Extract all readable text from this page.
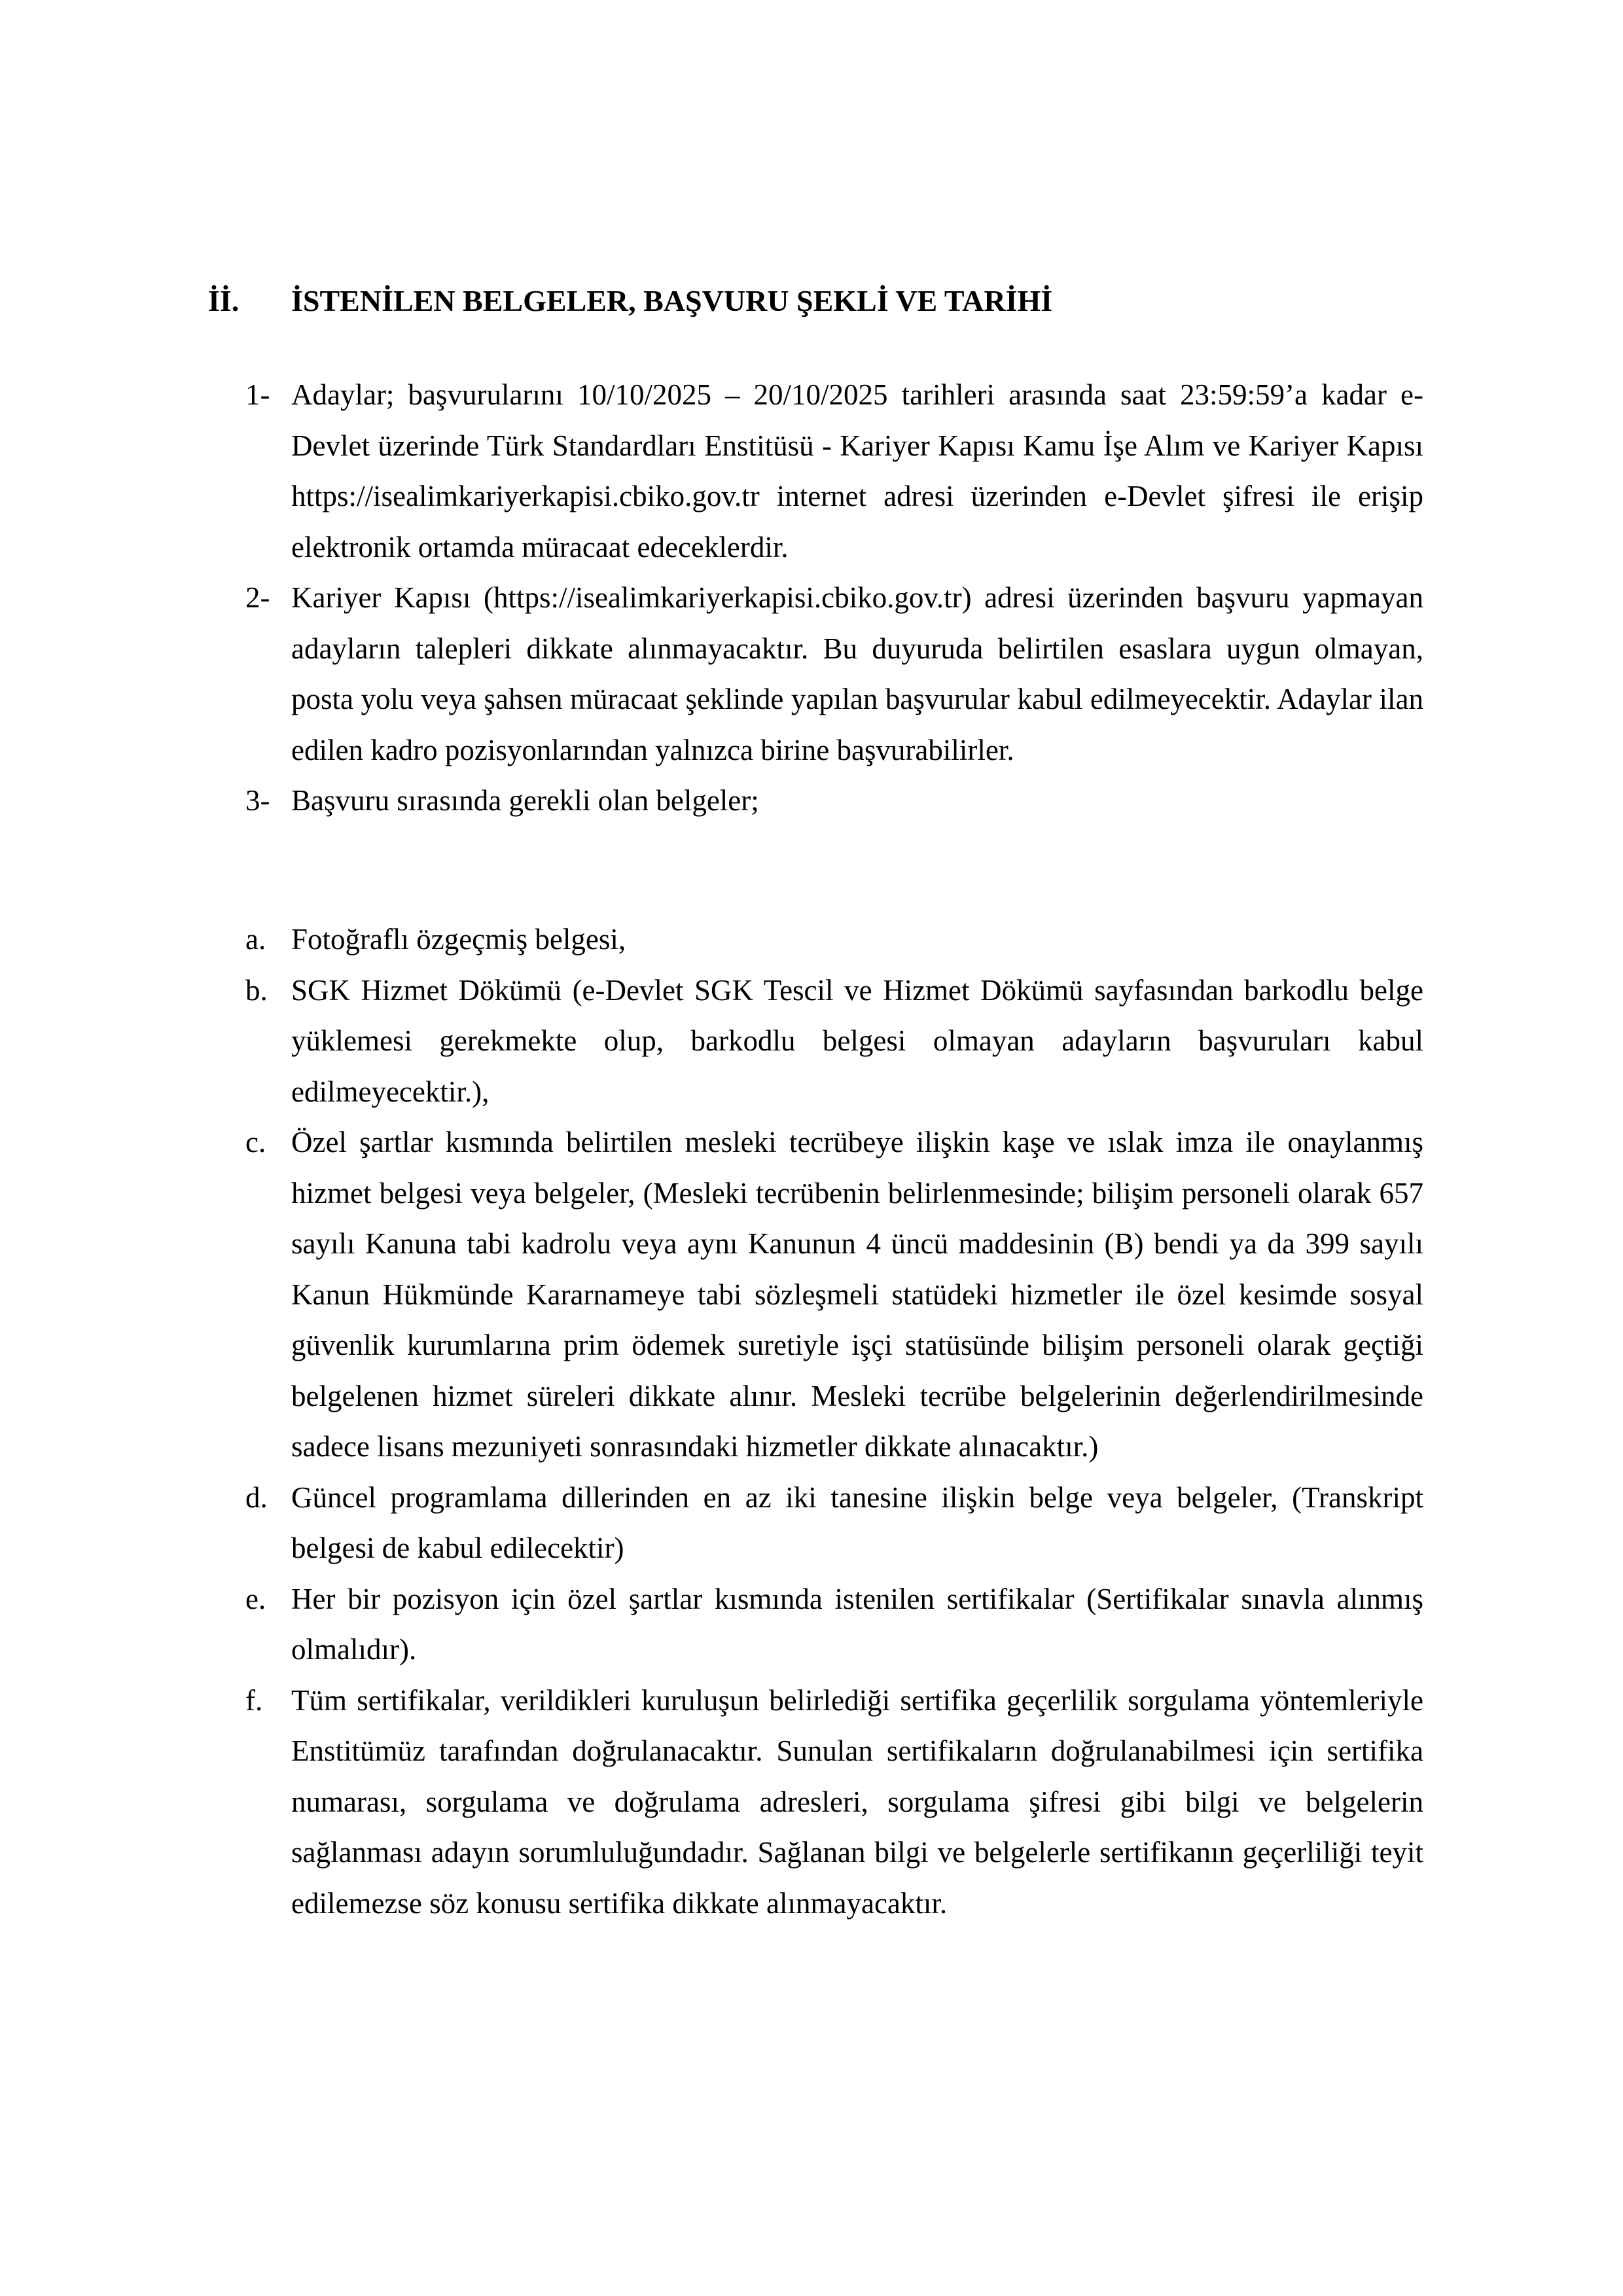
İİ. İSTENİLEN BELGELER, BAŞVURU ŞEKLİ VE TARİHİ
1- Adaylar; başvurularını 10/10/2025 – 20/10/2025 tarihleri arasında saat 23:59:59’a kadar e-Devlet üzerinde Türk Standardları Enstitüsü - Kariyer Kapısı Kamu İşe Alım ve Kariyer Kapısı https://isealimkariyerkapisi.cbiko.gov.tr internet adresi üzerinden e-Devlet şifresi ile erişip elektronik ortamda müracaat edeceklerdir.
2- Kariyer Kapısı (https://isealimkariyerkapisi.cbiko.gov.tr) adresi üzerinden başvuru yapmayan adayların talepleri dikkate alınmayacaktır. Bu duyuruda belirtilen esaslara uygun olmayan, posta yolu veya şahsen müracaat şeklinde yapılan başvurular kabul edilmeyecektir. Adaylar ilan edilen kadro pozisyonlarından yalnızca birine başvurabilirler.
3- Başvuru sırasında gerekli olan belgeler;
a. Fotoğraflı özgeçmiş belgesi,
b. SGK Hizmet Dökümü (e-Devlet SGK Tescil ve Hizmet Dökümü sayfasından barkodlu belge yüklemesi gerekmekte olup, barkodlu belgesi olmayan adayların başvuruları kabul edilmeyecektir.),
c. Özel şartlar kısmında belirtilen mesleki tecrübeye ilişkin kaşe ve ıslak imza ile onaylanmış hizmet belgesi veya belgeler, (Mesleki tecrübenin belirlenmesinde; bilişim personeli olarak 657 sayılı Kanuna tabi kadrolu veya aynı Kanunun 4 üncü maddesinin (B) bendi ya da 399 sayılı Kanun Hükmünde Kararnameye tabi sözleşmeli statüdeki hizmetler ile özel kesimde sosyal güvenlik kurumlarına prim ödemek suretiyle işçi statüsünde bilişim personeli olarak geçtiği belgelenen hizmet süreleri dikkate alınır. Mesleki tecrübe belgelerinin değerlendirilmesinde sadece lisans mezuniyeti sonrasındaki hizmetler dikkate alınacaktır.)
d. Güncel programlama dillerinden en az iki tanesine ilişkin belge veya belgeler, (Transkript belgesi de kabul edilecektir)
e. Her bir pozisyon için özel şartlar kısmında istenilen sertifikalar (Sertifikalar sınavla alınmış olmalıdır).
f. Tüm sertifikalar, verildikleri kuruluşun belirlediği sertifika geçerlilik sorgulama yöntemleriyle Enstitümüz tarafından doğrulanacaktır. Sunulan sertifikaların doğrulanabilmesi için sertifika numarası, sorgulama ve doğrulama adresleri, sorgulama şifresi gibi bilgi ve belgelerin sağlanması adayın sorumluluğundadır. Sağlanan bilgi ve belgelerle sertifikanın geçerliliği teyit edilemezse söz konusu sertifika dikkate alınmayacaktır.
